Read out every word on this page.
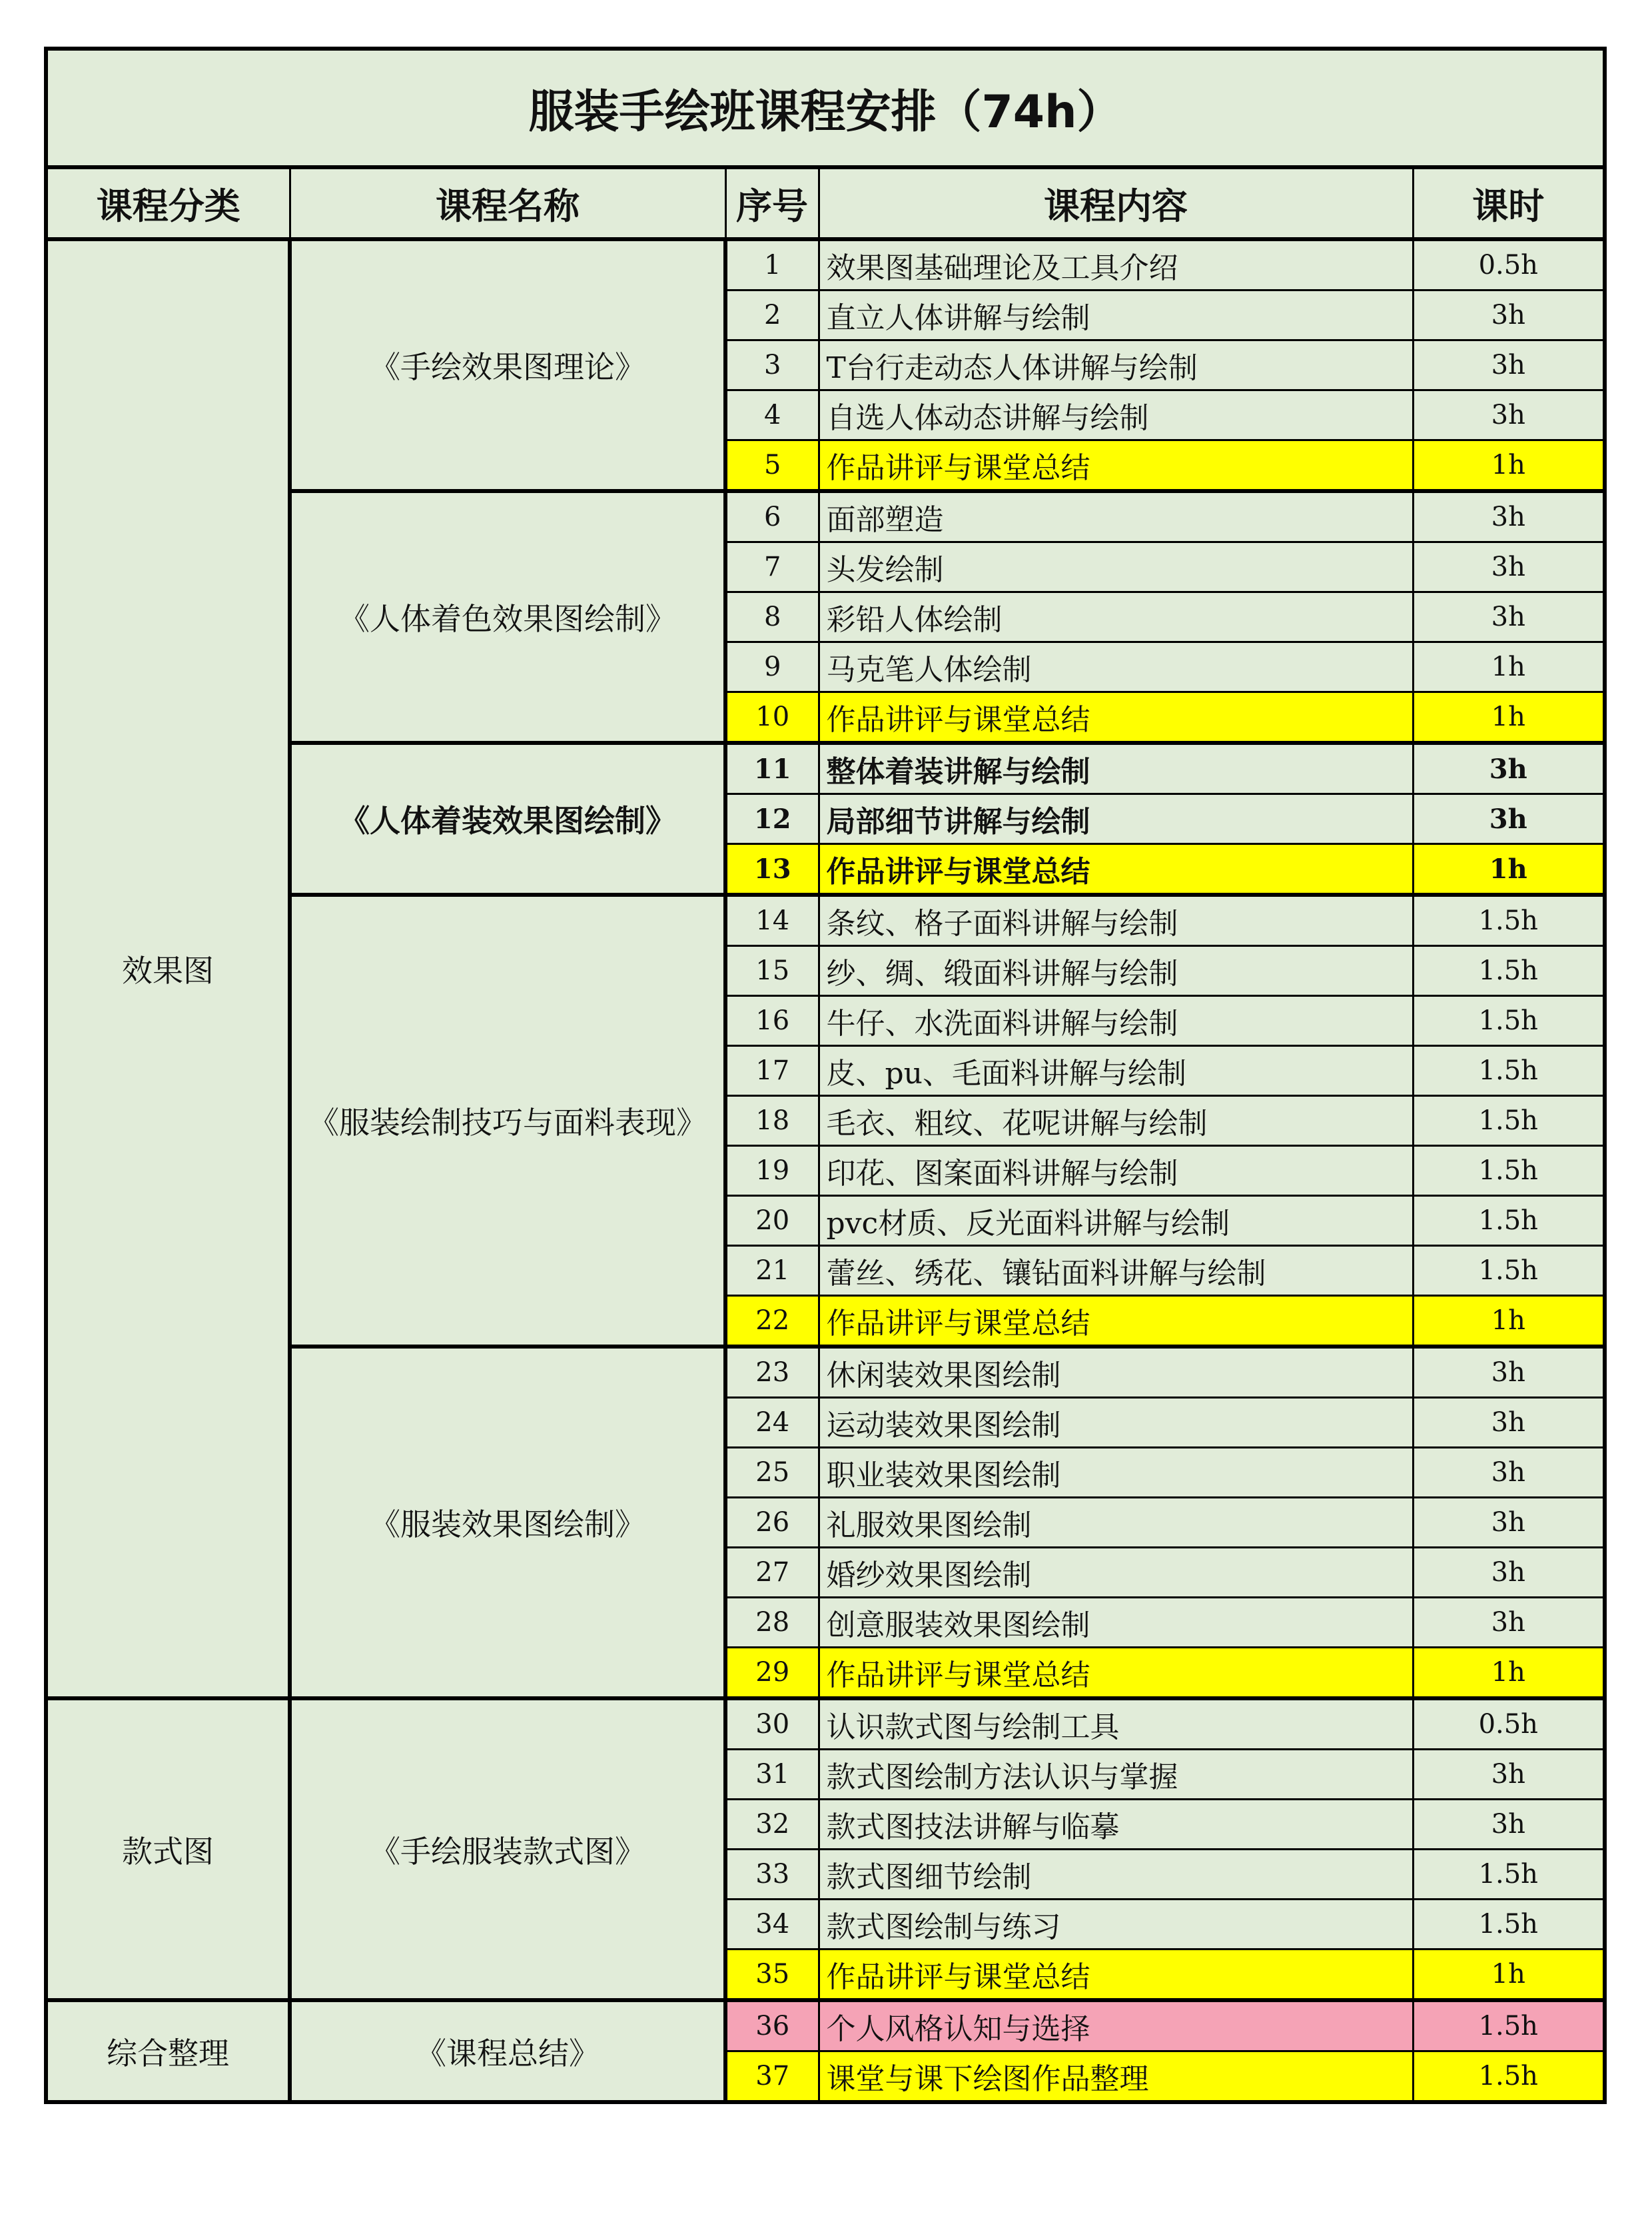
服装手绘班课程安排（74h）				
课程分类	课程名称	序号	课程内容	课时
效果图	《手绘效果图理论》	1	效果图基础理论及工具介绍	0.5h
		2	直立人体讲解与绘制	3h
		3	T台行走动态人体讲解与绘制	3h
		4	自选人体动态讲解与绘制	3h
		5	作品讲评与课堂总结	1h
	《人体着色效果图绘制》	6	面部塑造	3h
		7	头发绘制	3h
		8	彩铅人体绘制	3h
		9	马克笔人体绘制	1h
		10	作品讲评与课堂总结	1h
	《人体着装效果图绘制》	11	整体着装讲解与绘制	3h
		12	局部细节讲解与绘制	3h
		13	作品讲评与课堂总结	1h
	《服装绘制技巧与面料表现》	14	条纹、格子面料讲解与绘制	1.5h
		15	纱、绸、缎面料讲解与绘制	1.5h
		16	牛仔、水洗面料讲解与绘制	1.5h
		17	皮、pu、毛面料讲解与绘制	1.5h
		18	毛衣、粗纹、花呢讲解与绘制	1.5h
		19	印花、图案面料讲解与绘制	1.5h
		20	pvc材质、反光面料讲解与绘制	1.5h
		21	蕾丝、绣花、镶钻面料讲解与绘制	1.5h
		22	作品讲评与课堂总结	1h
	《服装效果图绘制》	23	休闲装效果图绘制	3h
		24	运动装效果图绘制	3h
		25	职业装效果图绘制	3h
		26	礼服效果图绘制	3h
		27	婚纱效果图绘制	3h
		28	创意服装效果图绘制	3h
		29	作品讲评与课堂总结	1h
款式图	《手绘服装款式图》	30	认识款式图与绘制工具	0.5h
		31	款式图绘制方法认识与掌握	3h
		32	款式图技法讲解与临摹	3h
		33	款式图细节绘制	1.5h
		34	款式图绘制与练习	1.5h
		35	作品讲评与课堂总结	1h
综合整理	《课程总结》	36	个人风格认知与选择	1.5h
		37	课堂与课下绘图作品整理	1.5h
